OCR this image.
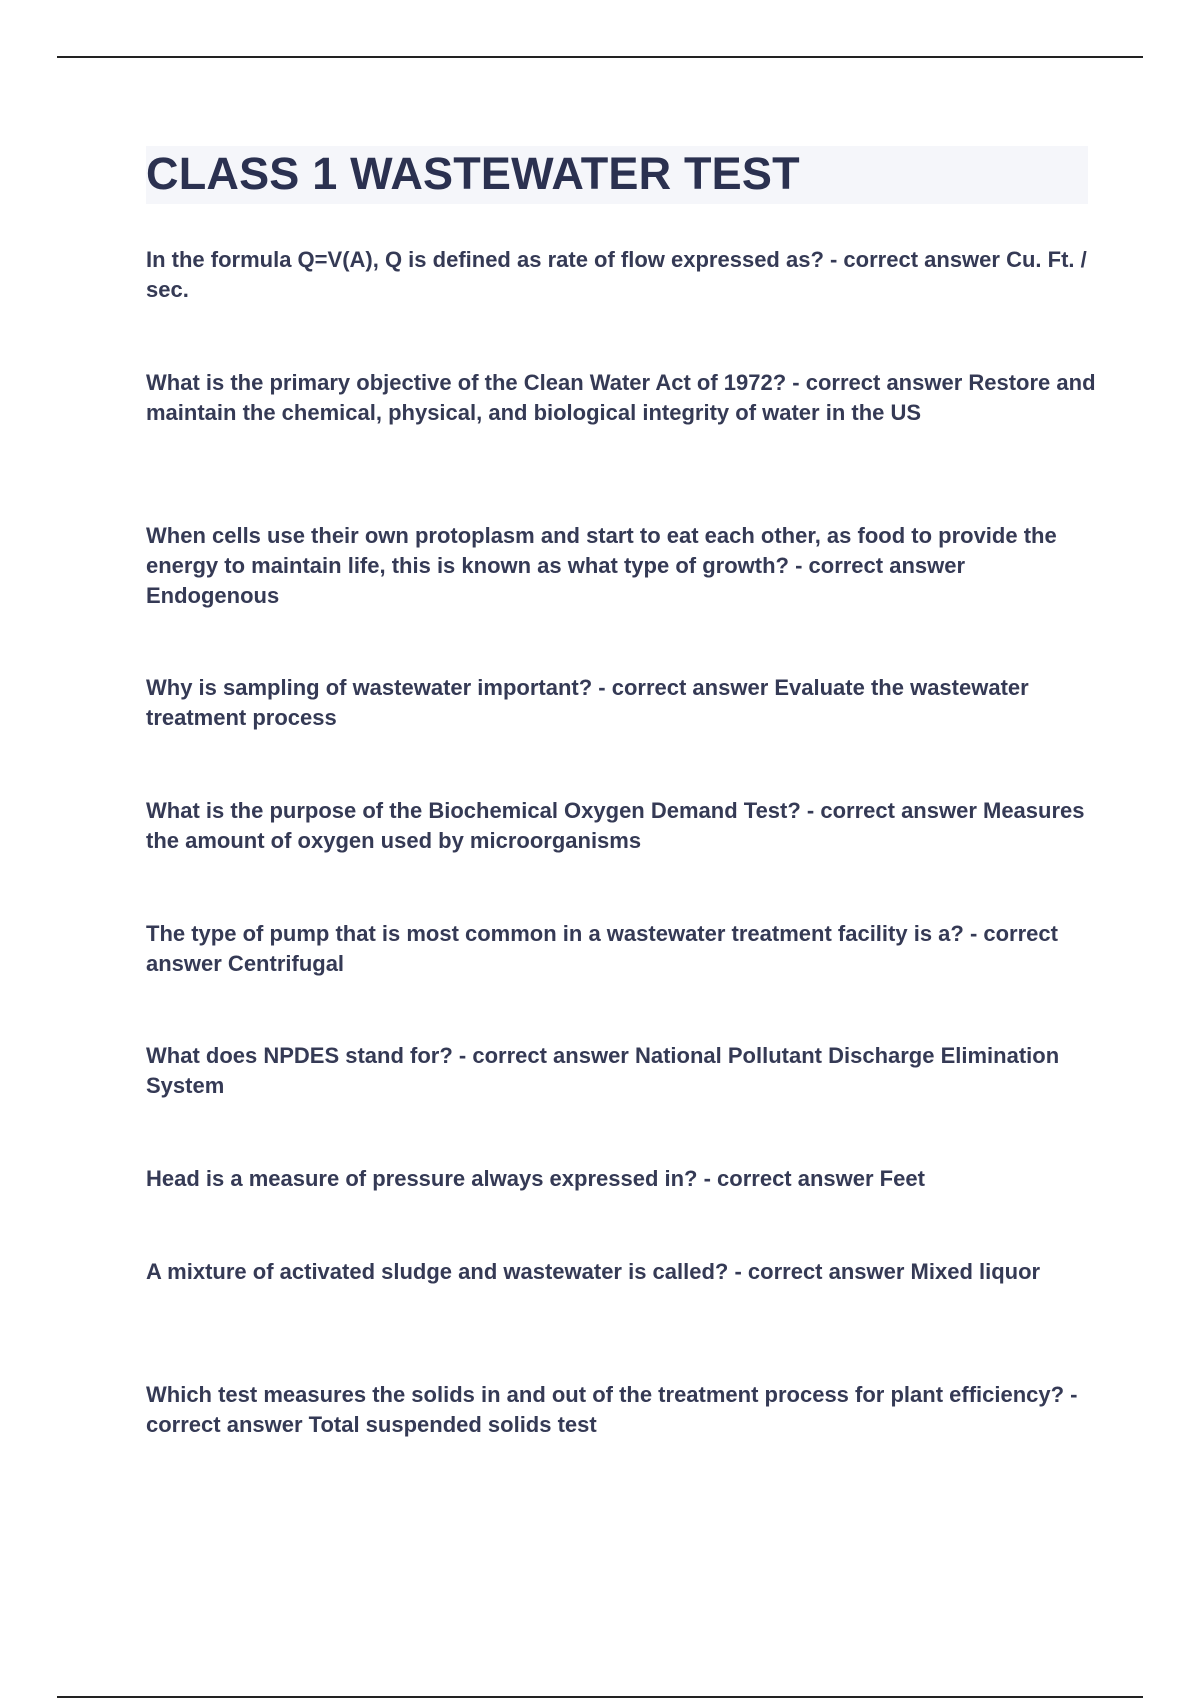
CLASS 1 WASTEWATER TEST

In the formula Q=V(A), Q is defined as rate of flow expressed as? - correct answer Cu. Ft. / sec.

What is the primary objective of the Clean Water Act of 1972? - correct answer Restore and maintain the chemical, physical, and biological integrity of water in the US

When cells use their own protoplasm and start to eat each other, as food to provide the energy to maintain life, this is known as what type of growth? - correct answer Endogenous

Why is sampling of wastewater important? - correct answer Evaluate the wastewater treatment process

What is the purpose of the Biochemical Oxygen Demand Test? - correct answer Measures the amount of oxygen used by microorganisms

The type of pump that is most common in a wastewater treatment facility is a? - correct answer Centrifugal

What does NPDES stand for? - correct answer National Pollutant Discharge Elimination System

Head is a measure of pressure always expressed in? - correct answer Feet

A mixture of activated sludge and wastewater is called? - correct answer Mixed liquor

Which test measures the solids in and out of the treatment process for plant efficiency? - correct answer Total suspended solids test
